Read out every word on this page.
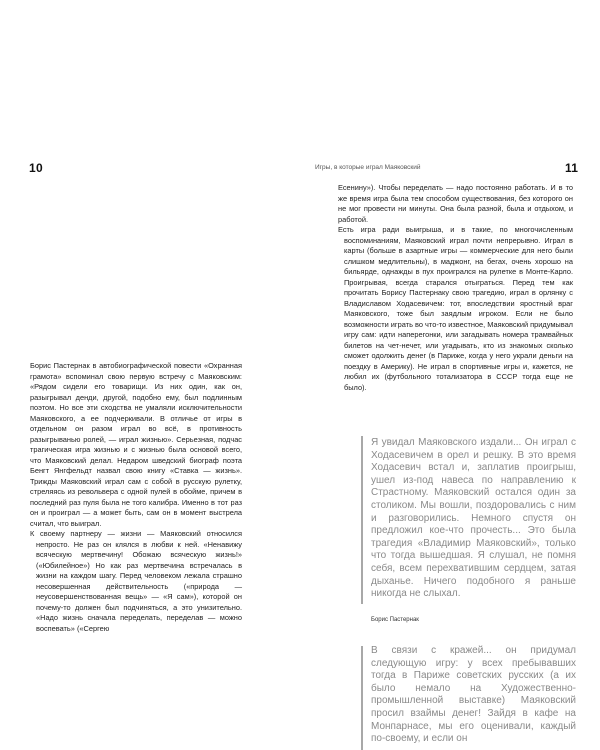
10

Борис Пастернак в автобиографической повести «Охранная грамота» вспоминал свою первую встречу с Маяковским: «Рядом сидели его товарищи. Из них один, как он, разыгрывал денди, другой, подобно ему, был подлинным поэтом. Но все эти сходства не умаляли исключительности Маяковского, а ее подчеркивали. В отличье от игры в отдельном он разом играл во всё, в противность разыгрыванью ролей, — играл жизнью». Серьезная, подчас трагическая игра жизнью и с жизнью была основой всего, что Маяковский делал. Недаром шведский биограф поэта Бенгт Янгфельдт назвал свою книгу «Ставка — жизнь». Трижды Маяковский играл сам с собой в русскую рулетку, стреляясь из револьвера с одной пулей в обойме, причем в последний раз пуля была не того калибра. Именно в тот раз он и проиграл — а может быть, сам он в момент выстрела считал, что выиграл.

К своему партнеру — жизни — Маяковский относился непросто. Не раз он клялся в любви к ней. «Ненавижу всяческую мертвечину! Обожаю всяческую жизнь!» («Юбилейное») Но как раз мертвечина встречалась в жизни на каждом шагу. Перед человеком лежала страшно несовершенная действительность («природа — неусовершенствованная вещь» — «Я сам»), которой он почему-то должен был подчиняться, а это унизительно. «Надо жизнь сначала переделать, переделав — можно воспевать» («Сергею

Игры, в которые играл Маяковский	11

Есенину»). Чтобы переделать — надо постоянно работать. И в то же время игра была тем способом существования, без которого он не мог провести ни минуты. Она была разной, была и отдыхом, и работой.

Есть игра ради выигрыша, и в такие, по многочисленным воспоминаниям, Маяковский играл почти непрерывно. Играл в карты (больше в азартные игры — коммерческие для него были слишком медлительны), в маджонг, на бегах, очень хорошо на бильярде, однажды в пух проигрался на рулетке в Монте-Карло. Проигрывая, всегда старался отыграться. Перед тем как прочитать Борису Пастернаку свою трагедию, играл в орлянку с Владиславом Ходасевичем: тот, впоследствии яростный враг Маяковского, тоже был заядлым игроком. Если не было возможности играть во что-то известное, Маяковский придумывал игру сам: идти наперегонки, или загадывать номера трамвайных билетов на чет-нечет, или угадывать, кто из знакомых сколько сможет одолжить денег (в Париже, когда у него украли деньги на поездку в Америку). Не играл в спортивные игры и, кажется, не любил их (футбольного тотализатора в СССР тогда еще не было).

Я увидал Маяковского издали... Он играл с Ходасевичем в орел и решку. В это время Ходасевич встал и, заплатив проигрыш, ушел из-под навеса по направлению к Страстному. Маяковский остался один за столиком. Мы вошли, поздоровались с ним и разговорились. Немного спустя он предложил кое-что прочесть... Это была трагедия «Владимир Маяковский», только что тогда вышедшая. Я слушал, не помня себя, всем перехватившим сердцем, затая дыханье. Ничего подобного я раньше никогда не слыхал.
Борис Пастернак
В связи с кражей... он придумал следующую игру: у всех пребывавших тогда в Париже советских русских (а их было немало на Художественно-промышленной выставке) Маяковский просил взаймы денег! Зайдя в кафе на Монпарнасе, мы его оценивали, каждый по-своему, и если он
